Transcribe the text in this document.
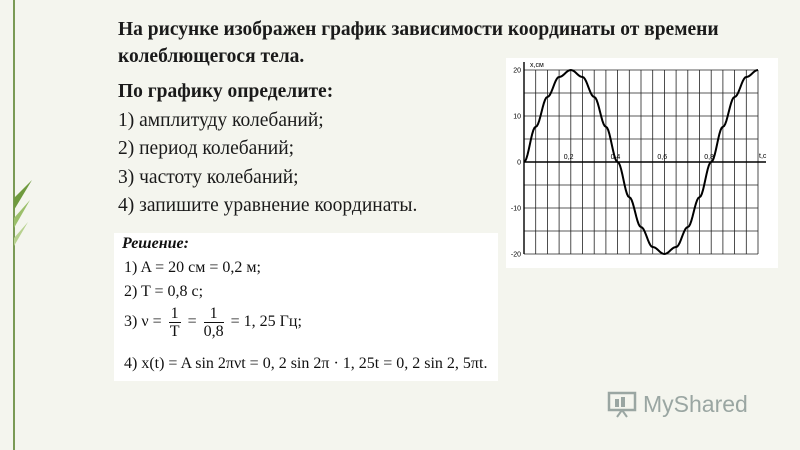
На рисунке изображен график зависимости координаты от времени колеблющегося тела.
По графику определите:
1) амплитуду колебаний;
2) период колебаний;
3) частоту колебаний;
4) запишите уравнение координаты.
x,см
t,с
20
10
0
-10
-20
0,2	0,4	0,6	0,8
Решение:
1) A = 20 см = 0,2 м;
2) T = 0,8 с;
3) $\nu = \frac{1}{T} = \frac{1}{0,8} = 1$, 25 Гц;
4) x(t) = A sin 2πνt = 0, 2 sin 2π · 1, 25t = 0, 2 sin 2, 5πt.
MyShared
